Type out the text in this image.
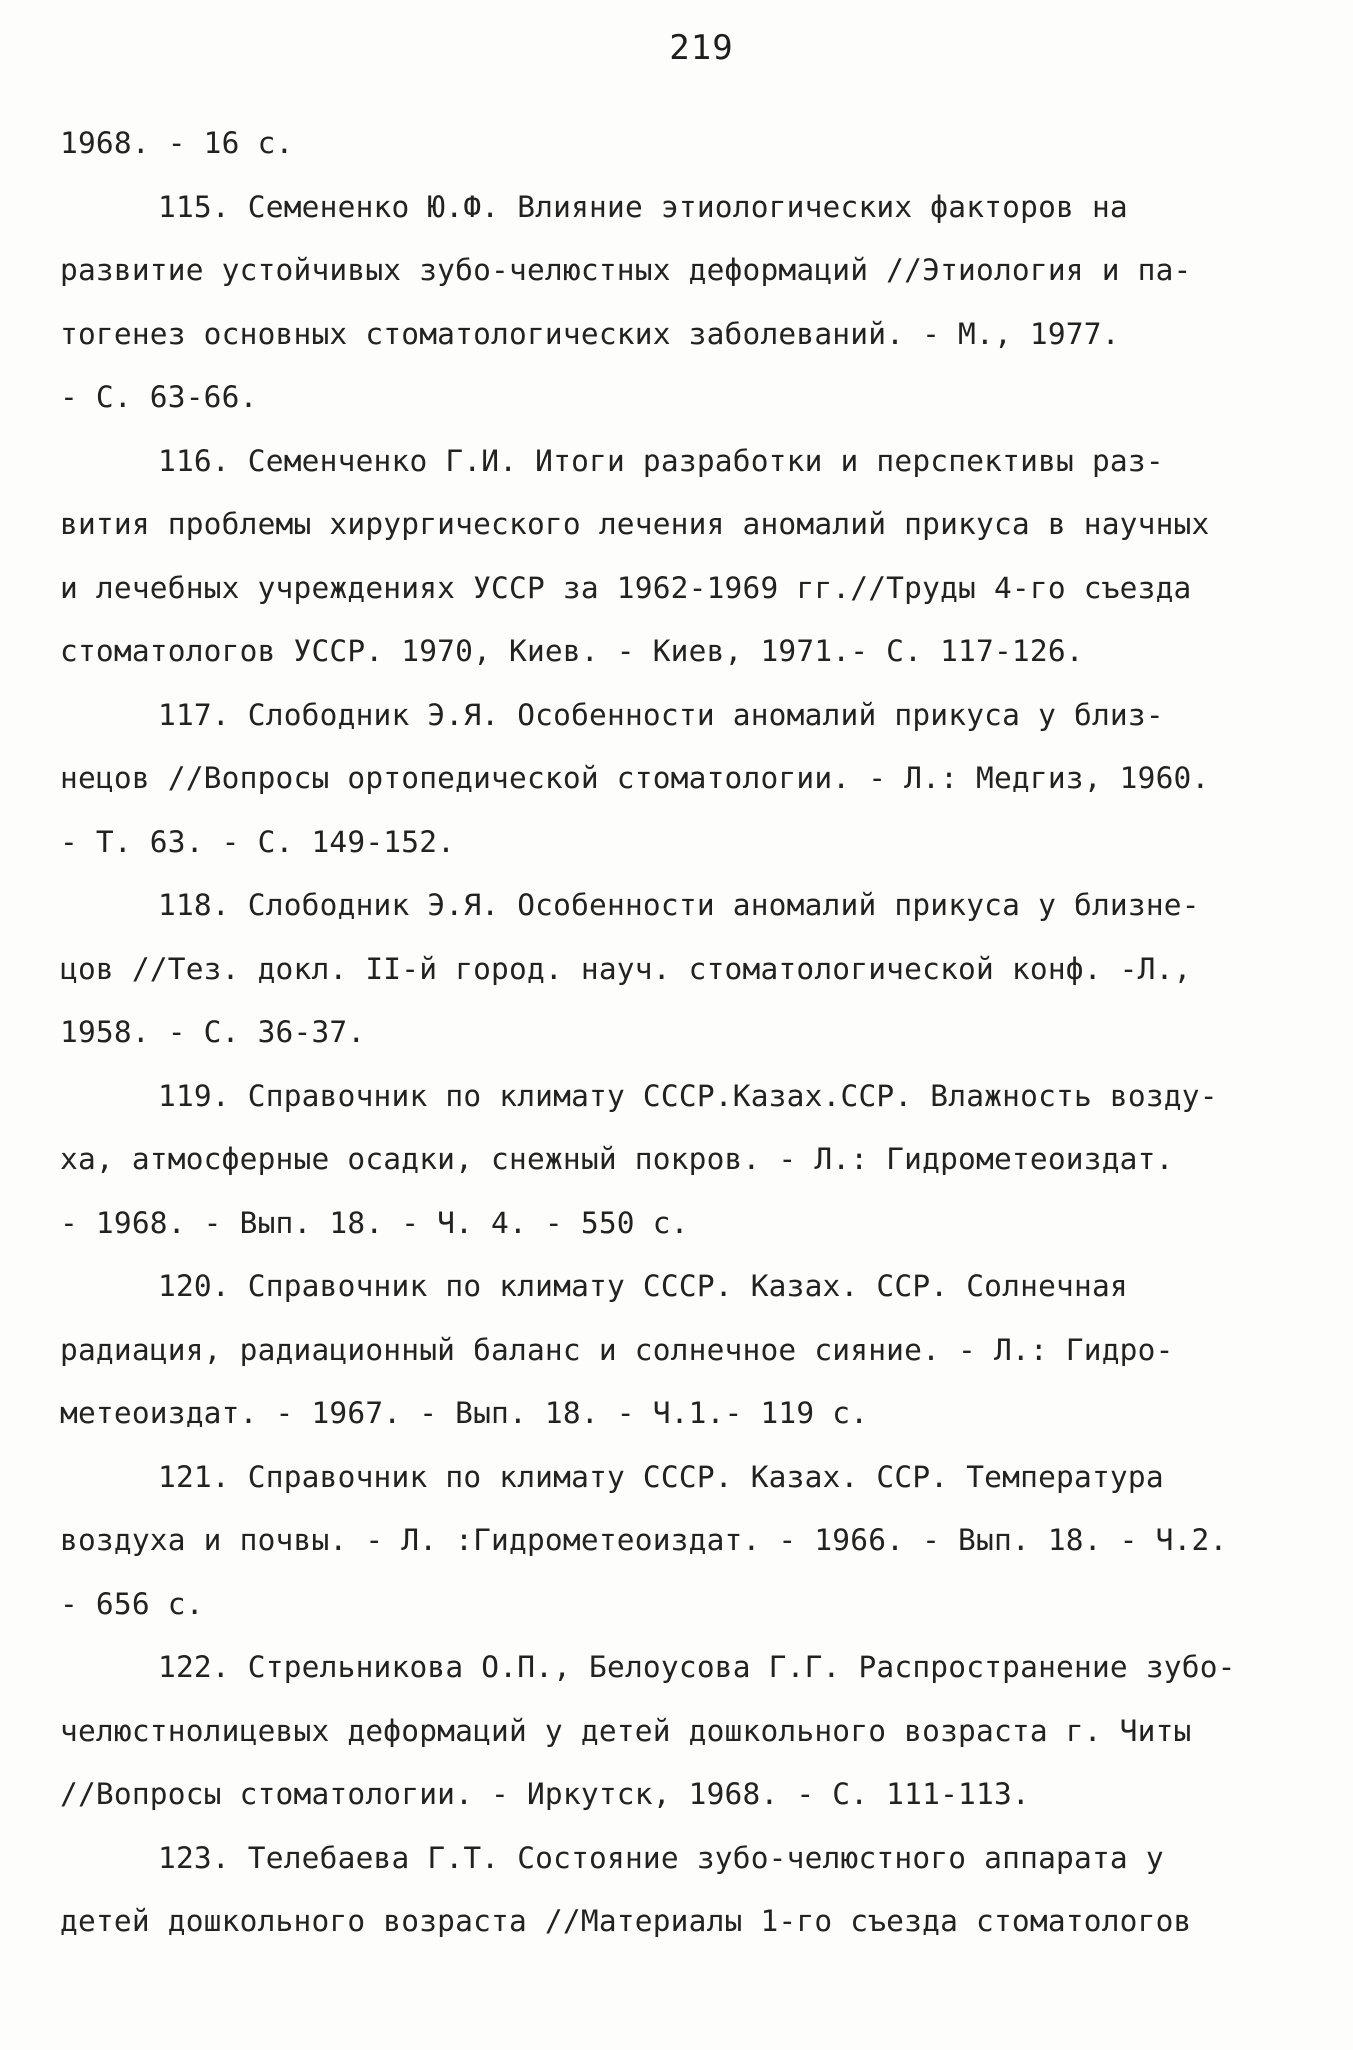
219
1968. - 16 с.
115. Семененко Ю.Ф. Влияние этиологических факторов на
развитие устойчивых зубо-челюстных деформаций //Этиология и па-
тогенез основных стоматологических заболеваний. - М., 1977.
- С. 63-66.
116. Семенченко Г.И. Итоги разработки и перспективы раз-
вития проблемы хирургического лечения аномалий прикуса в научных
и лечебных учреждениях УССР за 1962-1969 гг.//Труды 4-го съезда
стоматологов УССР. 1970, Киев. - Киев, 1971.- С. 117-126.
117. Слободник Э.Я. Особенности аномалий прикуса у близ-
нецов //Вопросы ортопедической стоматологии. - Л.: Медгиз, 1960.
- Т. 63. - С. 149-152.
118. Слободник Э.Я. Особенности аномалий прикуса у близне-
цов //Тез. докл. II-й город. науч. стоматологической конф. -Л.,
1958. - С. 36-37.
119. Справочник по климату СССР.Казах.ССР. Влажность возду-
ха, атмосферные осадки, снежный покров. - Л.: Гидрометеоиздат.
- 1968. - Вып. 18. - Ч. 4. - 550 с.
120. Справочник по климату СССР. Казах. ССР. Солнечная
радиация, радиационный баланс и солнечное сияние. - Л.: Гидро-
метеоиздат. - 1967. - Вып. 18. - Ч.1.- 119 с.
121. Справочник по климату СССР. Казах. ССР. Температура
воздуха и почвы. - Л. :Гидрометеоиздат. - 1966. - Вып. 18. - Ч.2.
- 656 с.
122. Стрельникова О.П., Белоусова Г.Г. Распространение зубо-
челюстнолицевых деформаций у детей дошкольного возраста г. Читы
//Вопросы стоматологии. - Иркутск, 1968. - С. 111-113.
123. Телебаева Г.Т. Состояние зубо-челюстного аппарата у
детей дошкольного возраста //Материалы 1-го съезда стоматологов
